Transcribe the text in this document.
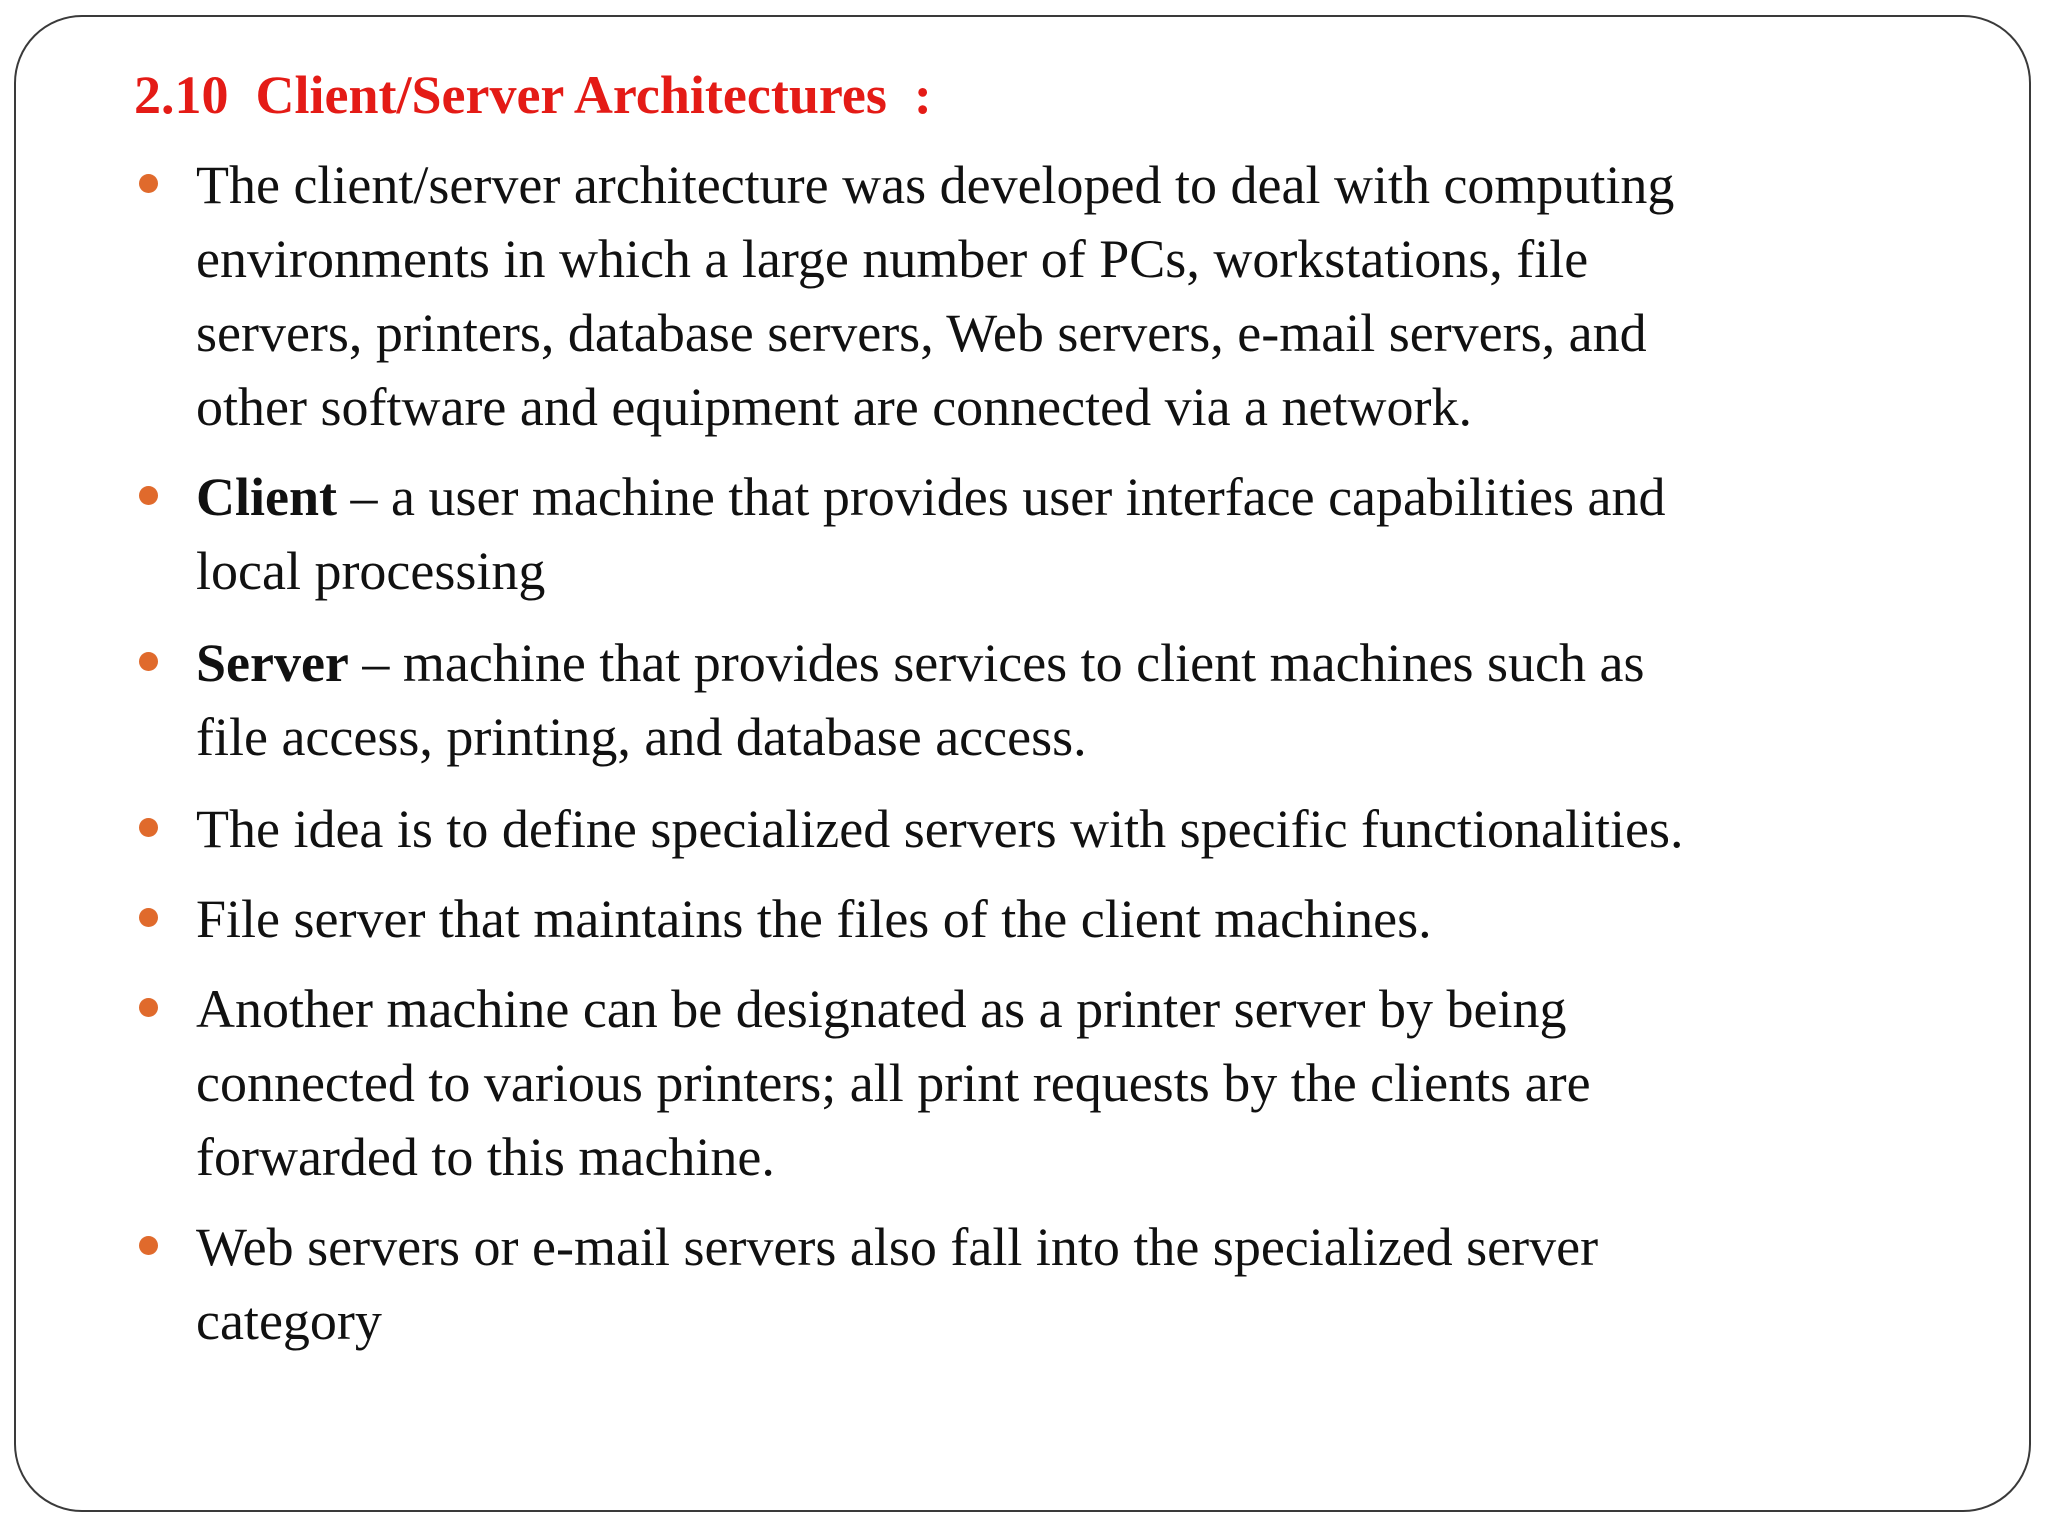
2.10  Client/Server Architectures  :

The client/server architecture was developed to deal with computing
environments in which a large number of PCs, workstations, file
servers, printers, database servers, Web servers, e-mail servers, and
other software and equipment are connected via a network.

Client – a user machine that provides user interface capabilities and
local processing

Server – machine that provides services to client machines such as
file access, printing, and database access.

The idea is to define specialized servers with specific functionalities.

File server that maintains the files of the client machines.

Another machine can be designated as a printer server by being
connected to various printers; all print requests by the clients are
forwarded to this machine.

Web servers or e-mail servers also fall into the specialized server
category
